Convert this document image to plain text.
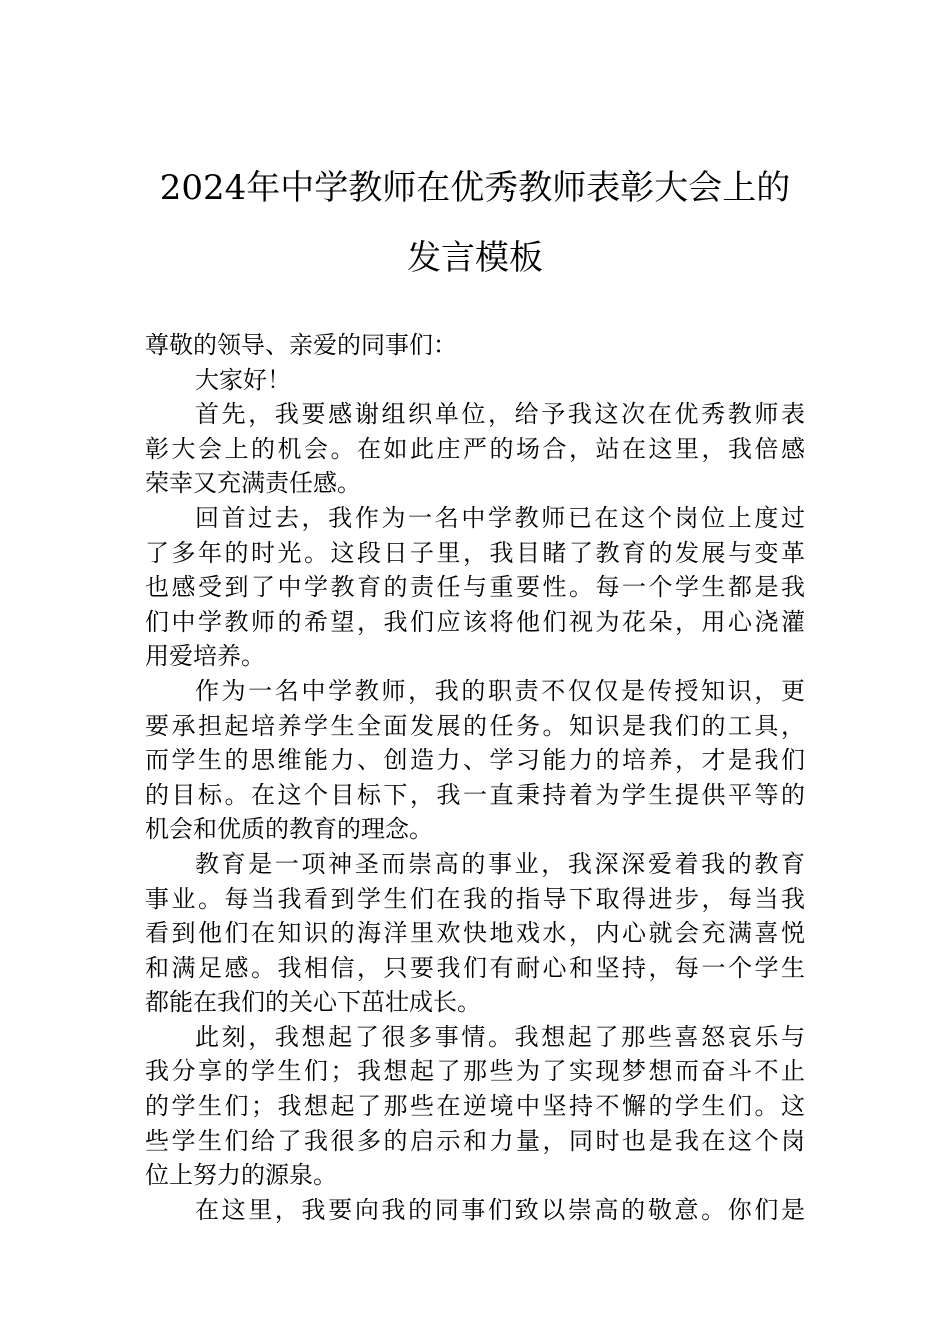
2024年中学教师在优秀教师表彰大会上的
发言模板
尊敬的领导、亲爱的同事们：
大家好！
首先，我要感谢组织单位，给予我这次在优秀教师表
彰大会上的机会。在如此庄严的场合，站在这里，我倍感
荣幸又充满责任感。
回首过去，我作为一名中学教师已在这个岗位上度过
了多年的时光。这段日子里，我目睹了教育的发展与变革
也感受到了中学教育的责任与重要性。每一个学生都是我
们中学教师的希望，我们应该将他们视为花朵，用心浇灌
用爱培养。
作为一名中学教师，我的职责不仅仅是传授知识，更
要承担起培养学生全面发展的任务。知识是我们的工具，
而学生的思维能力、创造力、学习能力的培养，才是我们
的目标。在这个目标下，我一直秉持着为学生提供平等的
机会和优质的教育的理念。
教育是一项神圣而崇高的事业，我深深爱着我的教育
事业。每当我看到学生们在我的指导下取得进步，每当我
看到他们在知识的海洋里欢快地戏水，内心就会充满喜悦
和满足感。我相信，只要我们有耐心和坚持，每一个学生
都能在我们的关心下茁壮成长。
此刻，我想起了很多事情。我想起了那些喜怒哀乐与
我分享的学生们；我想起了那些为了实现梦想而奋斗不止
的学生们；我想起了那些在逆境中坚持不懈的学生们。这
些学生们给了我很多的启示和力量，同时也是我在这个岗
位上努力的源泉。
在这里，我要向我的同事们致以崇高的敬意。你们是
